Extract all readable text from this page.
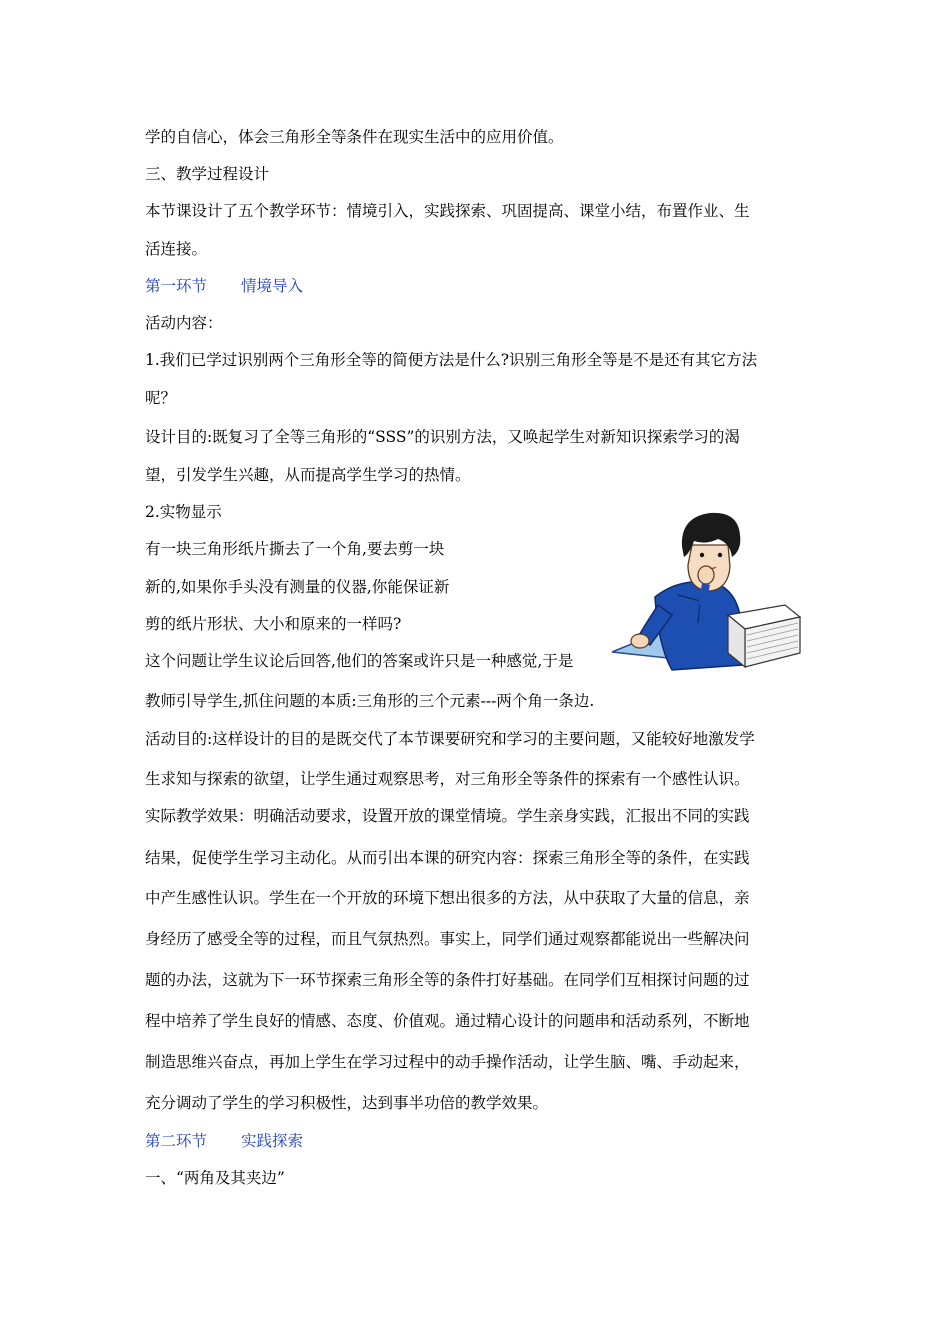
学的自信心，体会三角形全等条件在现实生活中的应用价值。
三、教学过程设计
本节课设计了五个教学环节：情境引入，实践探索、巩固提高、课堂小结，布置作业、生
活连接。
第一环节 情境导入
活动内容：
1.我们已学过识别两个三角形全等的简便方法是什么?识别三角形全等是不是还有其它方法
呢？
设计目的:既复习了全等三角形的“SSS”的识别方法，又唤起学生对新知识探索学习的渴
望，引发学生兴趣，从而提高学生学习的热情。
2.实物显示
有一块三角形纸片撕去了一个角,要去剪一块
新的,如果你手头没有测量的仪器,你能保证新
剪的纸片形状、大小和原来的一样吗?
这个问题让学生议论后回答,他们的答案或许只是一种感觉,于是
教师引导学生,抓住问题的本质:三角形的三个元素---两个角一条边.
活动目的:这样设计的目的是既交代了本节课要研究和学习的主要问题，又能较好地激发学
生求知与探索的欲望，让学生通过观察思考，对三角形全等条件的探索有一个感性认识。
实际教学效果：明确活动要求，设置开放的课堂情境。学生亲身实践，汇报出不同的实践
结果，促使学生学习主动化。从而引出本课的研究内容：探索三角形全等的条件，在实践
中产生感性认识。学生在一个开放的环境下想出很多的方法，从中获取了大量的信息，亲
身经历了感受全等的过程，而且气氛热烈。事实上，同学们通过观察都能说出一些解决问
题的办法，这就为下一环节探索三角形全等的条件打好基础。在同学们互相探讨问题的过
程中培养了学生良好的情感、态度、价值观。通过精心设计的问题串和活动系列，不断地
制造思维兴奋点，再加上学生在学习过程中的动手操作活动，让学生脑、嘴、手动起来，
充分调动了学生的学习积极性，达到事半功倍的教学效果。
第二环节 实践探索
一、“两角及其夹边”
